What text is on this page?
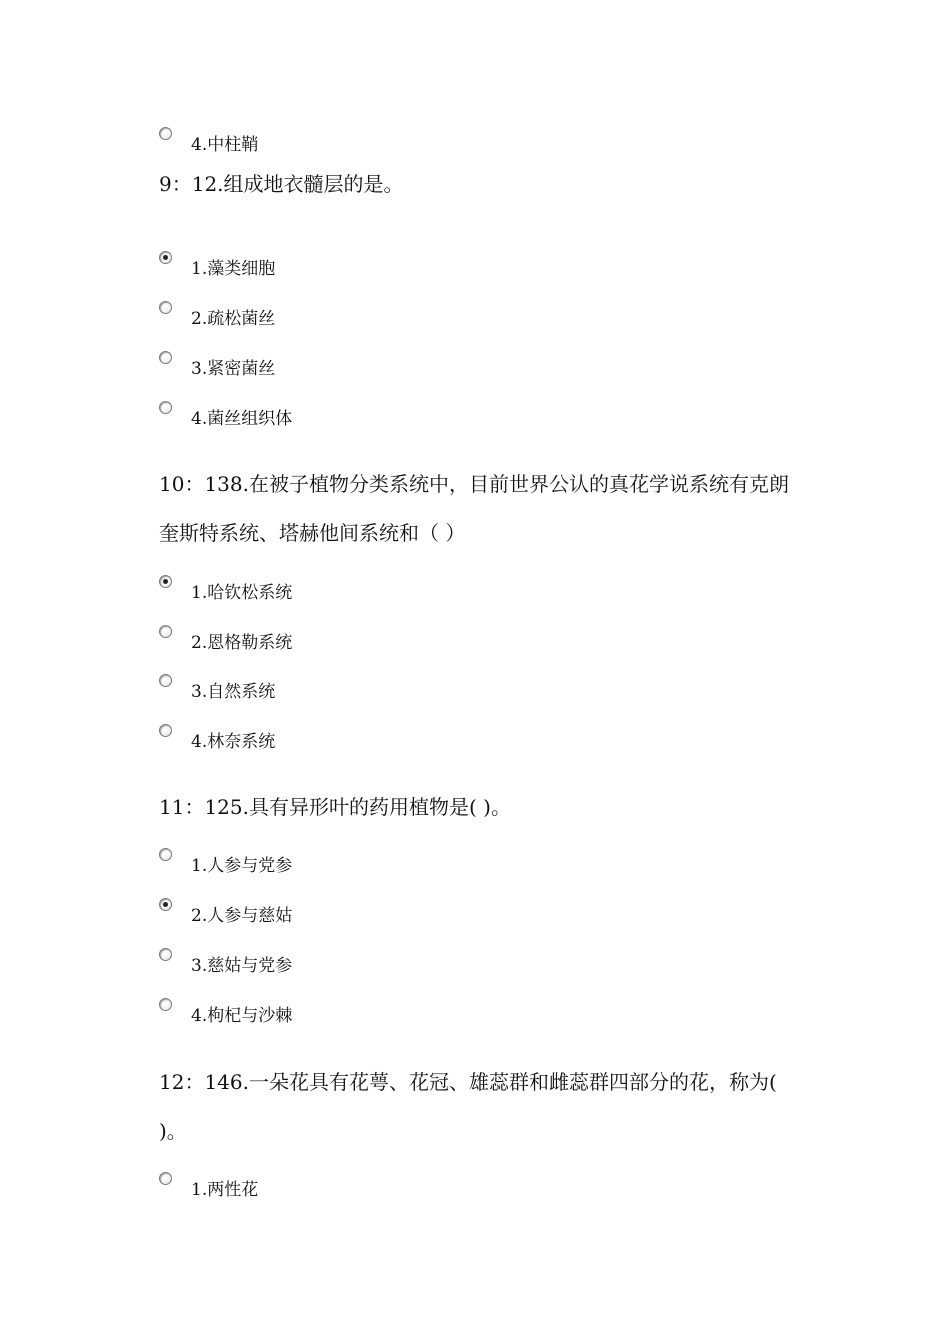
4.中柱鞘

9：12.组成地衣髓层的是。

1.藻类细胞
2.疏松菌丝
3.紧密菌丝
4.菌丝组织体

10：138.在被子植物分类系统中，目前世界公认的真花学说系统有克朗奎斯特系统、塔赫他间系统和（ ）

1.哈钦松系统
2.恩格勒系统
3.自然系统
4.林奈系统

11：125.具有异形叶的药用植物是( )。

1.人参与党参
2.人参与慈姑
3.慈姑与党参
4.枸杞与沙棘

12：146.一朵花具有花萼、花冠、雄蕊群和雌蕊群四部分的花，称为( )。

1.两性花
